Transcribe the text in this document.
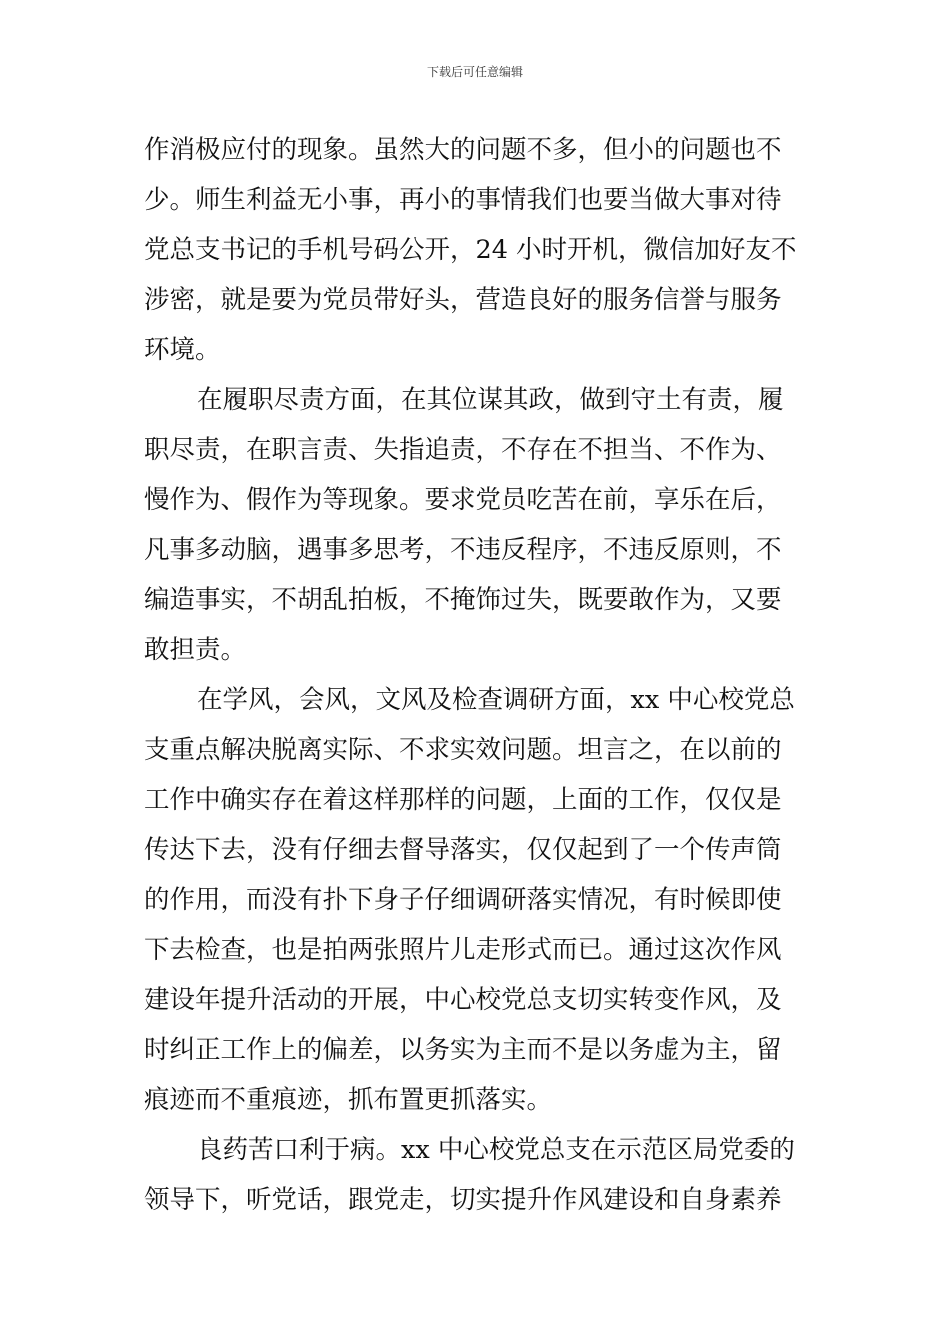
下载后可任意编辑
作消极应付的现象。虽然大的问题不多，但小的问题也不
少。师生利益无小事，再小的事情我们也要当做大事对待
党总支书记的手机号码公开，24 小时开机，微信加好友不
涉密，就是要为党员带好头，营造良好的服务信誉与服务
环境。
在履职尽责方面，在其位谋其政，做到守土有责，履
职尽责，在职言责、失指追责，不存在不担当、不作为、
慢作为、假作为等现象。要求党员吃苦在前，享乐在后，
凡事多动脑，遇事多思考，不违反程序，不违反原则，不
编造事实，不胡乱拍板，不掩饰过失，既要敢作为，又要
敢担责。
在学风，会风，文风及检查调研方面，xx 中心校党总
支重点解决脱离实际、不求实效问题。坦言之，在以前的
工作中确实存在着这样那样的问题，上面的工作，仅仅是
传达下去，没有仔细去督导落实，仅仅起到了一个传声筒
的作用，而没有扑下身子仔细调研落实情况，有时候即使
下去检查，也是拍两张照片儿走形式而已。通过这次作风
建设年提升活动的开展，中心校党总支切实转变作风，及
时纠正工作上的偏差，以务实为主而不是以务虚为主，留
痕迹而不重痕迹，抓布置更抓落实。
良药苦口利于病。xx 中心校党总支在示范区局党委的
领导下，听党话，跟党走，切实提升作风建设和自身素养
